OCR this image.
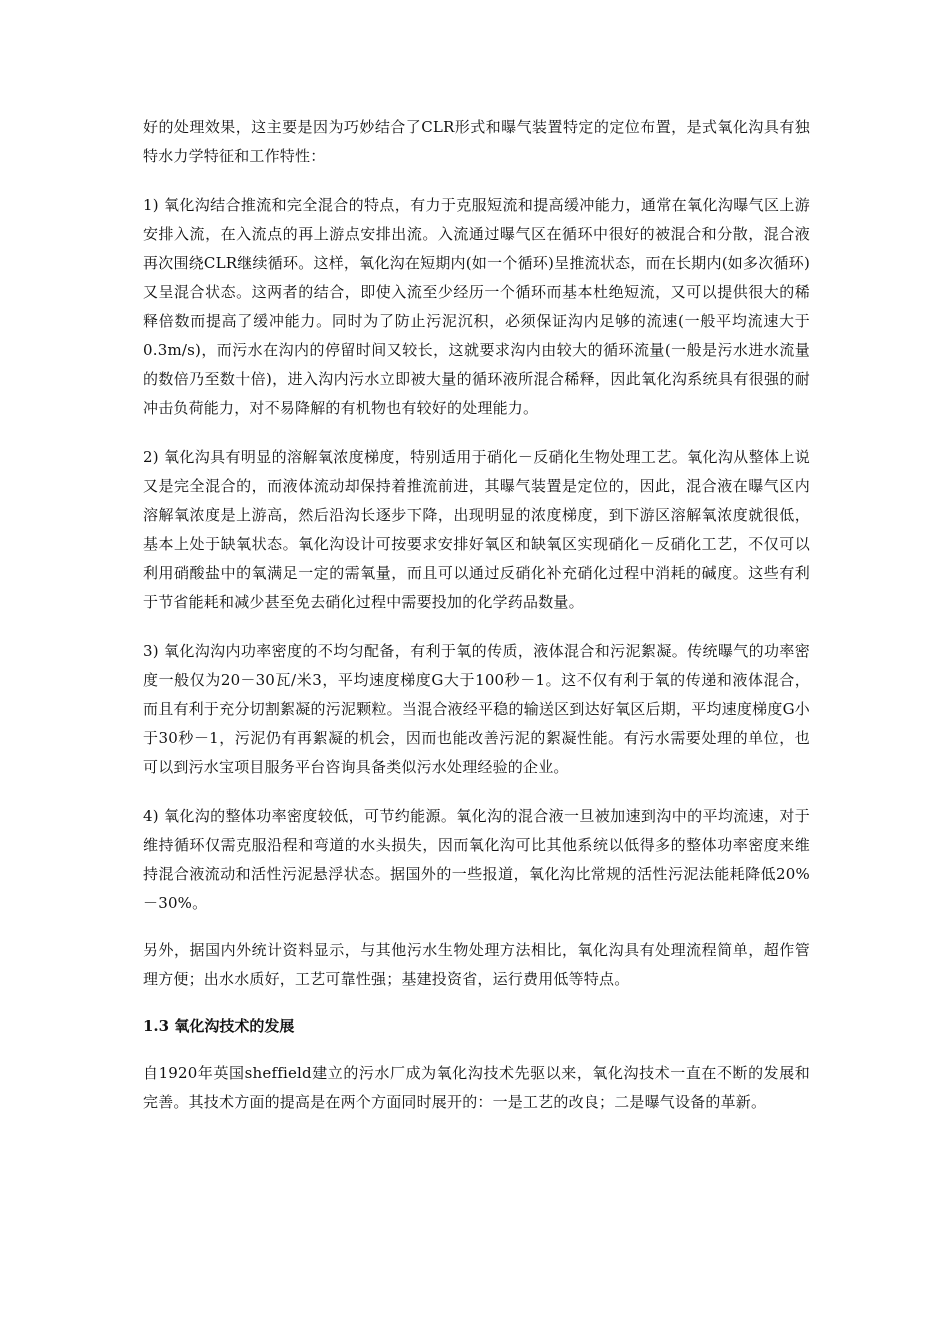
好的处理效果，这主要是因为巧妙结合了CLR形式和曝气装置特定的定位布置，是式氧化沟具有独特水力学特征和工作特性：

1) 氧化沟结合推流和完全混合的特点，有力于克服短流和提高缓冲能力，通常在氧化沟曝气区上游安排入流，在入流点的再上游点安排出流。入流通过曝气区在循环中很好的被混合和分散，混合液再次围绕CLR继续循环。这样，氧化沟在短期内(如一个循环)呈推流状态，而在长期内(如多次循环)又呈混合状态。这两者的结合，即使入流至少经历一个循环而基本杜绝短流，又可以提供很大的稀释倍数而提高了缓冲能力。同时为了防止污泥沉积，必须保证沟内足够的流速(一般平均流速大于0.3m/s)，而污水在沟内的停留时间又较长，这就要求沟内由较大的循环流量(一般是污水进水流量的数倍乃至数十倍)，进入沟内污水立即被大量的循环液所混合稀释，因此氧化沟系统具有很强的耐冲击负荷能力，对不易降解的有机物也有较好的处理能力。

2) 氧化沟具有明显的溶解氧浓度梯度，特别适用于硝化－反硝化生物处理工艺。氧化沟从整体上说又是完全混合的，而液体流动却保持着推流前进，其曝气装置是定位的，因此，混合液在曝气区内溶解氧浓度是上游高，然后沿沟长逐步下降，出现明显的浓度梯度，到下游区溶解氧浓度就很低，基本上处于缺氧状态。氧化沟设计可按要求安排好氧区和缺氧区实现硝化－反硝化工艺，不仅可以利用硝酸盐中的氧满足一定的需氧量，而且可以通过反硝化补充硝化过程中消耗的碱度。这些有利于节省能耗和减少甚至免去硝化过程中需要投加的化学药品数量。

3) 氧化沟沟内功率密度的不均匀配备，有利于氧的传质，液体混合和污泥絮凝。传统曝气的功率密度一般仅为20－30瓦/米3，平均速度梯度G大于100秒－1。这不仅有利于氧的传递和液体混合，而且有利于充分切割絮凝的污泥颗粒。当混合液经平稳的输送区到达好氧区后期，平均速度梯度G小于30秒－1，污泥仍有再絮凝的机会，因而也能改善污泥的絮凝性能。有污水需要处理的单位，也可以到污水宝项目服务平台咨询具备类似污水处理经验的企业。

4) 氧化沟的整体功率密度较低，可节约能源。氧化沟的混合液一旦被加速到沟中的平均流速，对于维持循环仅需克服沿程和弯道的水头损失，因而氧化沟可比其他系统以低得多的整体功率密度来维持混合液流动和活性污泥悬浮状态。据国外的一些报道，氧化沟比常规的活性污泥法能耗降低20%－30%。

另外，据国内外统计资料显示，与其他污水生物处理方法相比，氧化沟具有处理流程简单，超作管理方便；出水水质好，工艺可靠性强；基建投资省，运行费用低等特点。

1.3 氧化沟技术的发展

自1920年英国sheffield建立的污水厂成为氧化沟技术先驱以来，氧化沟技术一直在不断的发展和完善。其技术方面的提高是在两个方面同时展开的：一是工艺的改良；二是曝气设备的革新。
